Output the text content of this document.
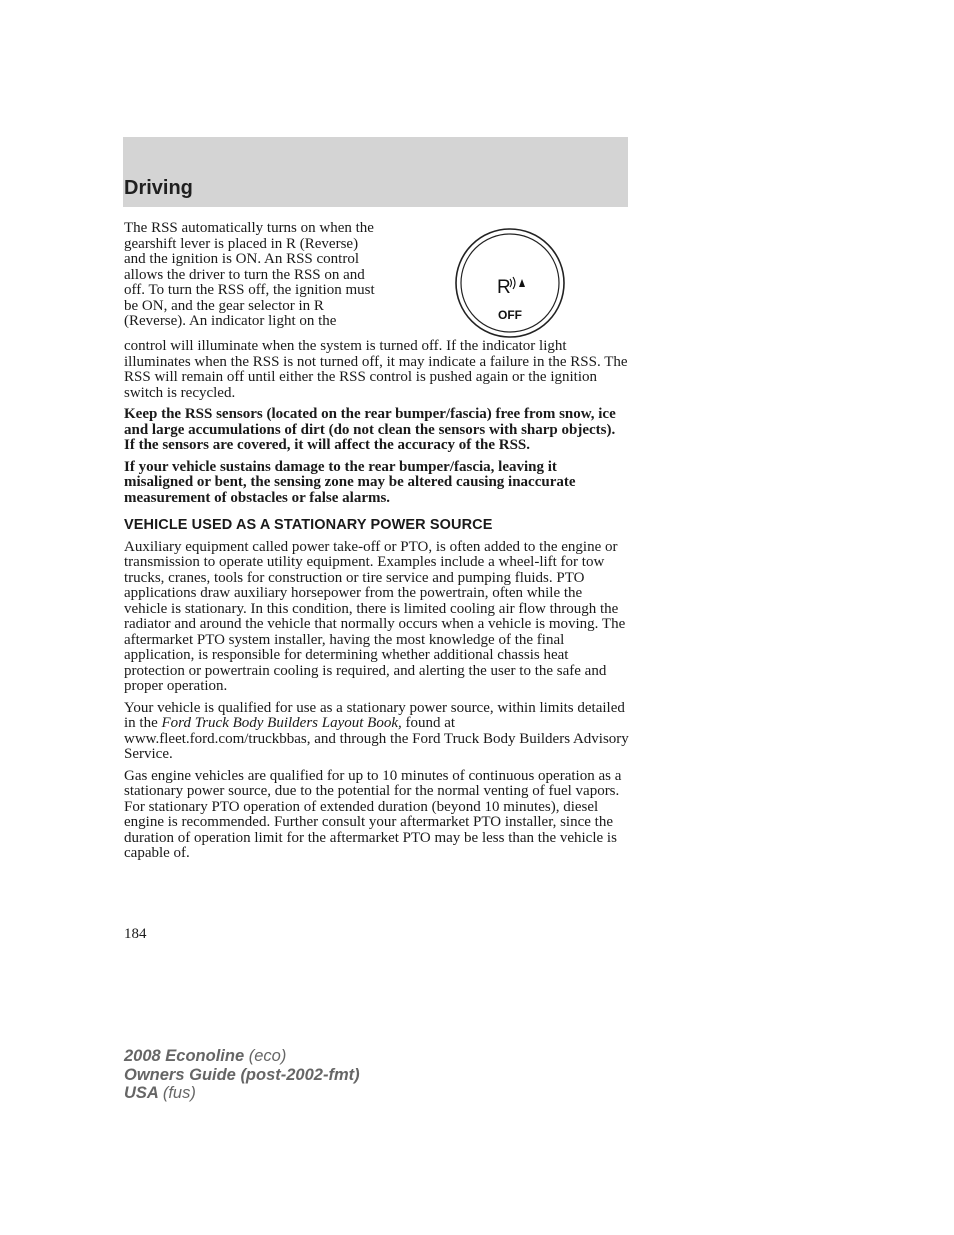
Driving
R
OFF

The RSS automatically turns on when the gearshift lever is placed in R (Reverse) and the ignition is ON. An RSS control allows the driver to turn the RSS on and off. To turn the RSS off, the ignition must be ON, and the gear selector in R (Reverse). An indicator light on the

control will illuminate when the system is turned off. If the indicator light illuminates when the RSS is not turned off, it may indicate a failure in the RSS. The RSS will remain off until either the RSS control is pushed again or the ignition switch is recycled.

Keep the RSS sensors (located on the rear bumper/fascia) free from snow, ice and large accumulations of dirt (do not clean the sensors with sharp objects). If the sensors are covered, it will affect the accuracy of the RSS.

If your vehicle sustains damage to the rear bumper/fascia, leaving it misaligned or bent, the sensing zone may be altered causing inaccurate measurement of obstacles or false alarms.

VEHICLE USED AS A STATIONARY POWER SOURCE

Auxiliary equipment called power take-off or PTO, is often added to the engine or transmission to operate utility equipment. Examples include a wheel-lift for tow trucks, cranes, tools for construction or tire service and pumping fluids. PTO applications draw auxiliary horsepower from the powertrain, often while the vehicle is stationary. In this condition, there is limited cooling air flow through the radiator and around the vehicle that normally occurs when a vehicle is moving. The aftermarket PTO system installer, having the most knowledge of the final application, is responsible for determining whether additional chassis heat protection or powertrain cooling is required, and alerting the user to the safe and proper operation.

Your vehicle is qualified for use as a stationary power source, within limits detailed in the Ford Truck Body Builders Layout Book, found at www.fleet.ford.com/truckbbas, and through the Ford Truck Body Builders Advisory Service.

Gas engine vehicles are qualified for up to 10 minutes of continuous operation as a stationary power source, due to the potential for the normal venting of fuel vapors. For stationary PTO operation of extended duration (beyond 10 minutes), diesel engine is recommended. Further consult your aftermarket PTO installer, since the duration of operation limit for the aftermarket PTO may be less than the vehicle is capable of.

184
2008 Econoline (eco)
Owners Guide (post-2002-fmt)
USA (fus)
